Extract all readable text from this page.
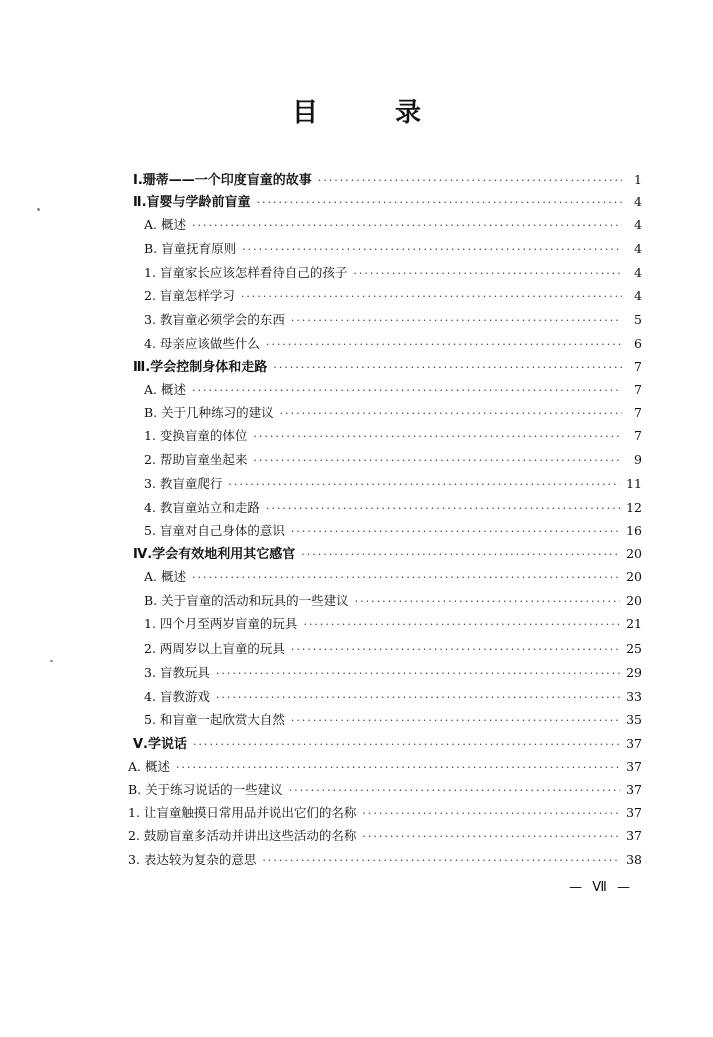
目 录
Ⅰ.珊蒂——一个印度盲童的故事 ·····	1
Ⅱ.盲婴与学龄前盲童 ·····	4
A. 概述 ·····	4
B. 盲童抚育原则 ·····	4
1. 盲童家长应该怎样看待自己的孩子 ·····	4
2. 盲童怎样学习 ·····	4
3. 教盲童必须学会的东西 ·····	5
4. 母亲应该做些什么 ·····	6
Ⅲ.学会控制身体和走路 ·····	7
A. 概述 ·····	7
B. 关于几种练习的建议 ·····	7
1. 变换盲童的体位 ·····	7
2. 帮助盲童坐起来 ·····	9
3. 教盲童爬行 ·····	11
4. 教盲童站立和走路 ·····	12
5. 盲童对自己身体的意识 ·····	16
Ⅳ.学会有效地利用其它感官 ·····	20
A. 概述 ·····	20
B. 关于盲童的活动和玩具的一些建议 ·····	20
1. 四个月至两岁盲童的玩具 ·····	21
2. 两周岁以上盲童的玩具 ·····	25
3. 盲教玩具 ·····	29
4. 盲教游戏 ·····	33
5. 和盲童一起欣赏大自然 ·····	35
Ⅴ.学说话 ·····	37
A. 概述 ·····	37
B. 关于练习说话的一些建议 ·····	37
1. 让盲童触摸日常用品并说出它们的名称 ·····	37
2. 鼓励盲童多活动并讲出这些活动的名称 ·····	37
3. 表达较为复杂的意思 ·····	38
— Ⅶ —
